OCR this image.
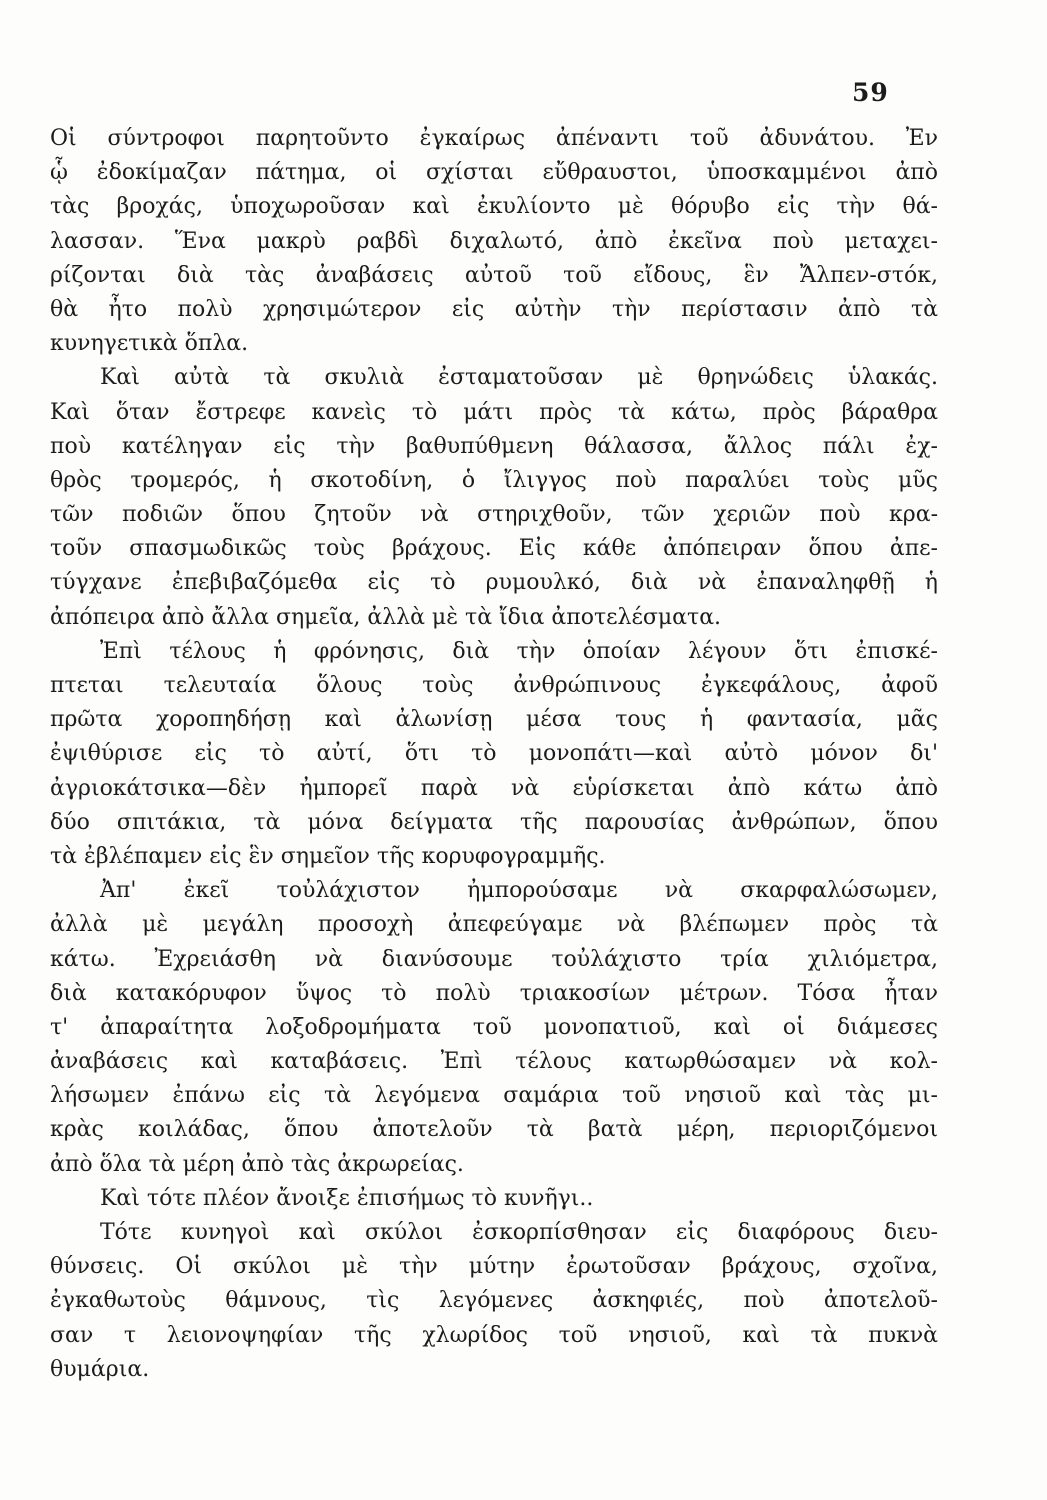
59
Οἱ σύντροφοι παρητοῦντο ἐγκαίρως ἀπέναντι τοῦ ἀδυνάτου. Ἐν
ᾧ ἐδοκίμαζαν πάτημα, οἱ σχίσται εὔθραυστοι, ὑποσκαμμένοι ἀπὸ
τὰς βροχάς, ὑποχωροῦσαν καὶ ἐκυλίοντο μὲ θόρυβο εἰς τὴν θά-
λασσαν. Ἕνα μακρὺ ραβδὶ διχαλωτό, ἀπὸ ἐκεῖνα ποὺ μεταχει-
ρίζονται διὰ τὰς ἀναβάσεις αὐτοῦ τοῦ εἴδους, ἓν Ἄλπεν-στόκ,
θὰ ἦτο πολὺ χρησιμώτερον εἰς αὐτὴν τὴν περίστασιν ἀπὸ τὰ
κυνηγετικὰ ὅπλα.
Καὶ αὐτὰ τὰ σκυλιὰ ἐσταματοῦσαν μὲ θρηνώδεις ὑλακάς.
Καὶ ὅταν ἔστρεφε κανεὶς τὸ μάτι πρὸς τὰ κάτω, πρὸς βάραθρα
ποὺ κατέληγαν εἰς τὴν βαθυπύθμενη θάλασσα, ἄλλος πάλι ἐχ-
θρὸς τρομερός, ἡ σκοτοδίνη, ὁ ἴλιγγος ποὺ παραλύει τοὺς μῦς
τῶν ποδιῶν ὅπου ζητοῦν νὰ στηριχθοῦν, τῶν χεριῶν ποὺ κρα-
τοῦν σπασμωδικῶς τοὺς βράχους. Εἰς κάθε ἀπόπειραν ὅπου ἀπε-
τύγχανε ἐπεβιβαζόμεθα εἰς τὸ ρυμουλκό, διὰ νὰ ἐπαναληφθῇ ἡ
ἀπόπειρα ἀπὸ ἄλλα σημεῖα, ἀλλὰ μὲ τὰ ἴδια ἀποτελέσματα.
Ἐπὶ τέλους ἡ φρόνησις, διὰ τὴν ὁποίαν λέγουν ὅτι ἐπισκέ-
πτεται τελευταία ὅλους τοὺς ἀνθρώπινους ἐγκεφάλους, ἀφοῦ
πρῶτα χοροπηδήσῃ καὶ ἀλωνίσῃ μέσα τους ἡ φαντασία, μᾶς
ἐψιθύρισε εἰς τὸ αὐτί, ὅτι τὸ μονοπάτι—καὶ αὐτὸ μόνον δι'
ἀγριοκάτσικα—δὲν ἠμπορεῖ παρὰ νὰ εὑρίσκεται ἀπὸ κάτω ἀπὸ
δύο σπιτάκια, τὰ μόνα δείγματα τῆς παρουσίας ἀνθρώπων, ὅπου
τὰ ἐβλέπαμεν εἰς ἓν σημεῖον τῆς κορυφογραμμῆς.
Ἀπ' ἐκεῖ τοὐλάχιστον ἠμπορούσαμε νὰ σκαρφαλώσωμεν,
ἀλλὰ μὲ μεγάλη προσοχὴ ἀπεφεύγαμε νὰ βλέπωμεν πρὸς τὰ
κάτω. Ἐχρειάσθη νὰ διανύσουμε τοὐλάχιστο τρία χιλιόμετρα,
διὰ κατακόρυφον ὕψος τὸ πολὺ τριακοσίων μέτρων. Τόσα ἦταν
τ' ἀπαραίτητα λοξοδρομήματα τοῦ μονοπατιοῦ, καὶ οἱ διάμεσες
ἀναβάσεις καὶ καταβάσεις. Ἐπὶ τέλους κατωρθώσαμεν νὰ κολ-
λήσωμεν ἐπάνω εἰς τὰ λεγόμενα σαμάρια τοῦ νησιοῦ καὶ τὰς μι-
κρὰς κοιλάδας, ὅπου ἀποτελοῦν τὰ βατὰ μέρη, περιοριζόμενοι
ἀπὸ ὅλα τὰ μέρη ἀπὸ τὰς ἀκρωρείας.
Καὶ τότε πλέον ἄνοιξε ἐπισήμως τὸ κυνῆγι..
Τότε κυνηγοὶ καὶ σκύλοι ἐσκορπίσθησαν εἰς διαφόρους διευ-
θύνσεις. Οἱ σκύλοι μὲ τὴν μύτην ἐρωτοῦσαν βράχους, σχοῖνα,
ἐγκαθωτοὺς θάμνους, τὶς λεγόμενες ἀσκηφιές, ποὺ ἀποτελοῦ-
σαν τ λειονοψηφίαν τῆς χλωρίδος τοῦ νησιοῦ, καὶ τὰ πυκνὰ
θυμάρια.
